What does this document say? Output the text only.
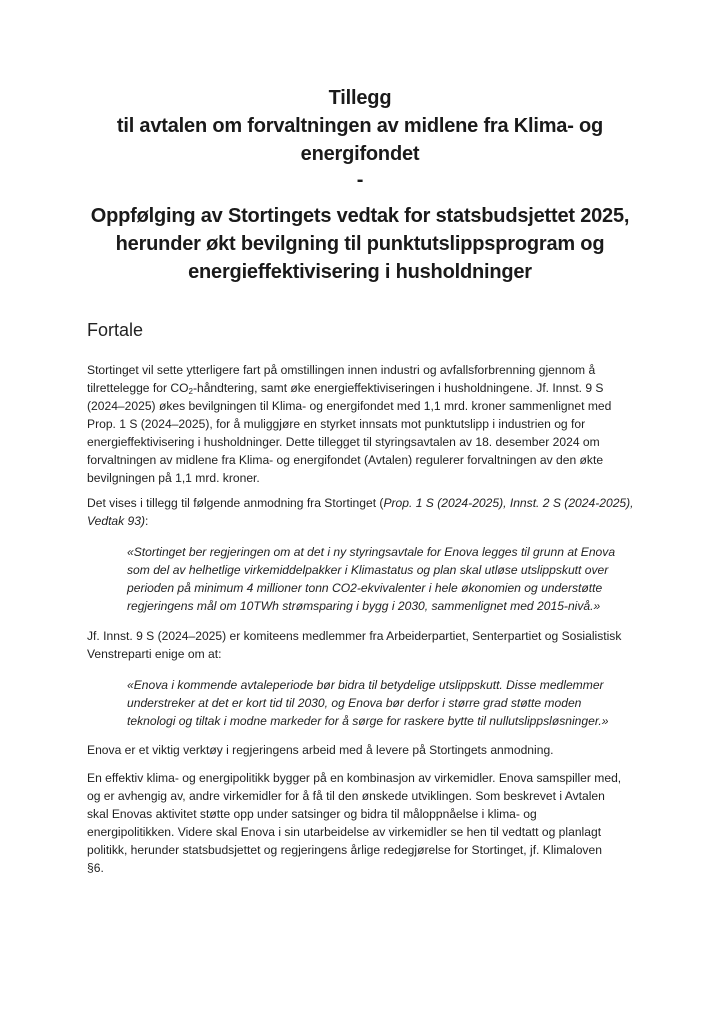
Tillegg
til avtalen om forvaltningen av midlene fra Klima- og
energifondet
-
Oppfølging av Stortingets vedtak for statsbudsjettet 2025,
herunder økt bevilgning til punktutslippsprogram og
energieffektivisering i husholdninger
Fortale
Stortinget vil sette ytterligere fart på omstillingen innen industri og avfallsforbrenning gjennom å
tilrettelegge for $CO_2$-håndtering, samt øke energieffektiviseringen i husholdningene. Jf. Innst. 9 S
(2024–2025) økes bevilgningen til Klima- og energifondet med 1,1 mrd. kroner sammenlignet med
Prop. 1 S (2024–2025), for å muliggjøre en styrket innsats mot punktutslipp i industrien og for
energieffektivisering i husholdninger. Dette tillegget til styringsavtalen av 18. desember 2024 om
forvaltningen av midlene fra Klima- og energifondet (Avtalen) regulerer forvaltningen av den økte
bevilgningen på 1,1 mrd. kroner.
Det vises i tillegg til følgende anmodning fra Stortinget (Prop. 1 S (2024-2025), Innst. 2 S (2024-2025),
Vedtak 93):
«Stortinget ber regjeringen om at det i ny styringsavtale for Enova legges til grunn at Enova
som del av helhetlige virkemiddelpakker i Klimastatus og plan skal utløse utslippskutt over
perioden på minimum 4 millioner tonn CO2-ekvivalenter i hele økonomien og understøtte
regjeringens mål om 10TWh strømsparing i bygg i 2030, sammenlignet med 2015-nivå.»
Jf. Innst. 9 S (2024–2025) er komiteens medlemmer fra Arbeiderpartiet, Senterpartiet og Sosialistisk
Venstreparti enige om at:
«Enova i kommende avtaleperiode bør bidra til betydelige utslippskutt. Disse medlemmer
understreker at det er kort tid til 2030, og Enova bør derfor i større grad støtte moden
teknologi og tiltak i modne markeder for å sørge for raskere bytte til nullutslippsløsninger.»
Enova er et viktig verktøy i regjeringens arbeid med å levere på Stortingets anmodning.
En effektiv klima- og energipolitikk bygger på en kombinasjon av virkemidler. Enova samspiller med,
og er avhengig av, andre virkemidler for å få til den ønskede utviklingen. Som beskrevet i Avtalen
skal Enovas aktivitet støtte opp under satsinger og bidra til måloppnåelse i klima- og
energipolitikken. Videre skal Enova i sin utarbeidelse av virkemidler se hen til vedtatt og planlagt
politikk, herunder statsbudsjettet og regjeringens årlige redegjørelse for Stortinget, jf. Klimaloven
§6.
